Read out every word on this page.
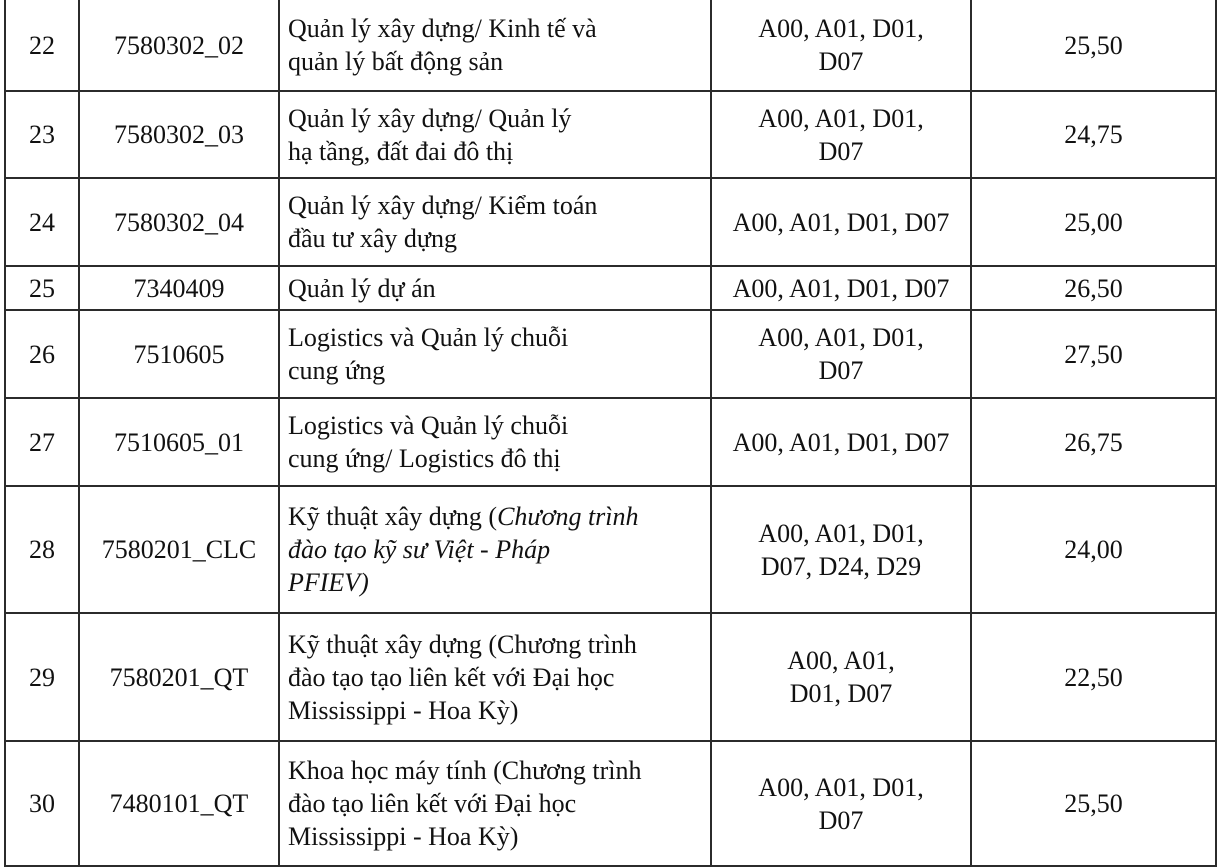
22	7580302_02	Quản lý xây dựng/ Kinh tế và
quản lý bất động sản	A00, A01, D01,
D07	25,50
23	7580302_03	Quản lý xây dựng/ Quản lý
hạ tầng, đất đai đô thị	A00, A01, D01,
D07	24,75
24	7580302_04	Quản lý xây dựng/ Kiểm toán
đầu tư xây dựng	A00, A01, D01, D07	25,00
25	7340409	Quản lý dự án	A00, A01, D01, D07	26,50
26	7510605	Logistics và Quản lý chuỗi
cung ứng	A00, A01, D01,
D07	27,50
27	7510605_01	Logistics và Quản lý chuỗi
cung ứng/ Logistics đô thị	A00, A01, D01, D07	26,75
28	7580201_CLC	Kỹ thuật xây dựng (Chương trình
đào tạo kỹ sư Việt - Pháp
PFIEV)	A00, A01, D01,
D07, D24, D29	24,00
29	7580201_QT	Kỹ thuật xây dựng (Chương trình
đào tạo tạo liên kết với Đại học
Mississippi - Hoa Kỳ)	A00, A01,
D01, D07	22,50
30	7480101_QT	Khoa học máy tính (Chương trình
đào tạo liên kết với Đại học
Mississippi - Hoa Kỳ)	A00, A01, D01,
D07	25,50
